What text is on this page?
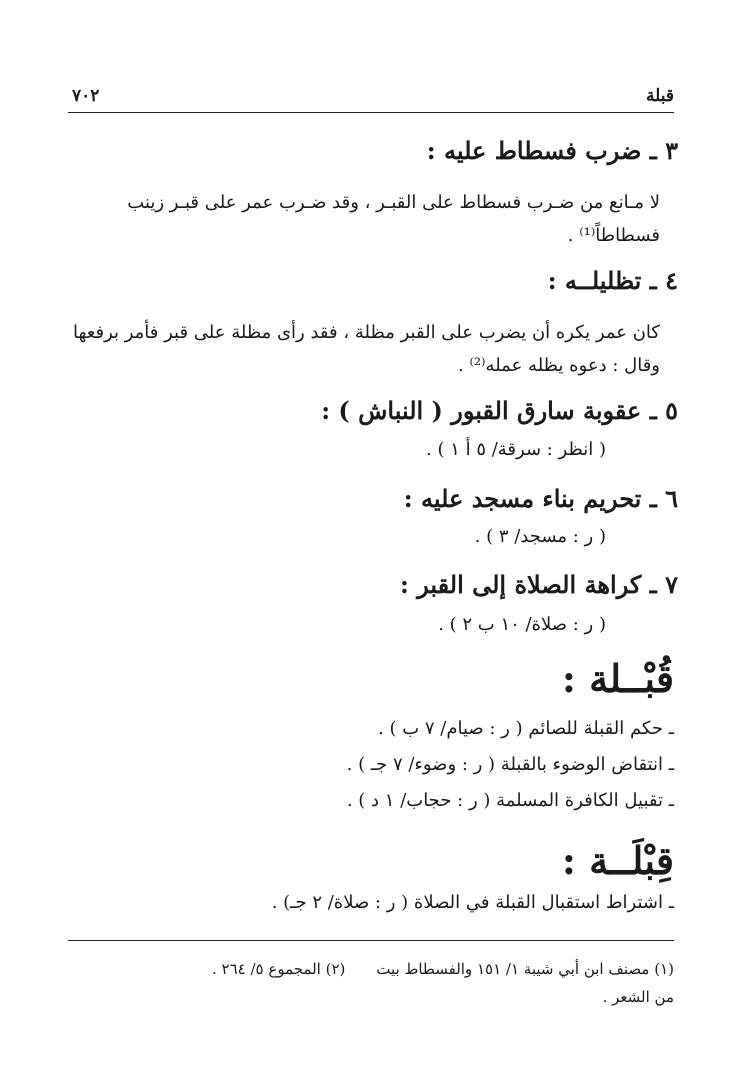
قبلة
٧٠٢
٣ ـ ضرب فسطاط عليه :
لا مـانع من ضـرب فسطاط على القبـر ، وقد ضـرب عمر على قبـر زينب
فسطاطاً⁽¹⁾ .
٤ ـ تظليلــه :
كان عمر يكره أن يضرب على القبر مظلة ، فقد رأى مظلة على قبر فأمر برفعها
وقال : دعوه يظله عمله⁽²⁾ .
٥ ـ عقوبة سارق القبور ( النباش ) :
( انظر : سرقة/ ٥ أ ١ ) .
٦ ـ تحريم بناء مسجد عليه :
( ر : مسجد/ ٣ ) .
٧ ـ كراهة الصلاة إلى القبر :
( ر : صلاة/ ١٠ ب ٢ ) .
قُبْــلة :
ـ حكم القبلة للصائم ( ر : صيام/ ٧ ب ) .
ـ انتقاض الوضوء بالقبلة ( ر : وضوء/ ٧ جـ ) .
ـ تقبيل الكافرة المسلمة ( ر : حجاب/ ١ د ) .
قِبْلَــة :
ـ اشتراط استقبال القبلة في الصلاة ( ر : صلاة/ ٢ جـ) .
(١) مصنف ابن أبي شيبة ١/ ١٥١ والفسطاط بيت
من الشعر .
(٢) المجموع ٥/ ٢٦٤ .
